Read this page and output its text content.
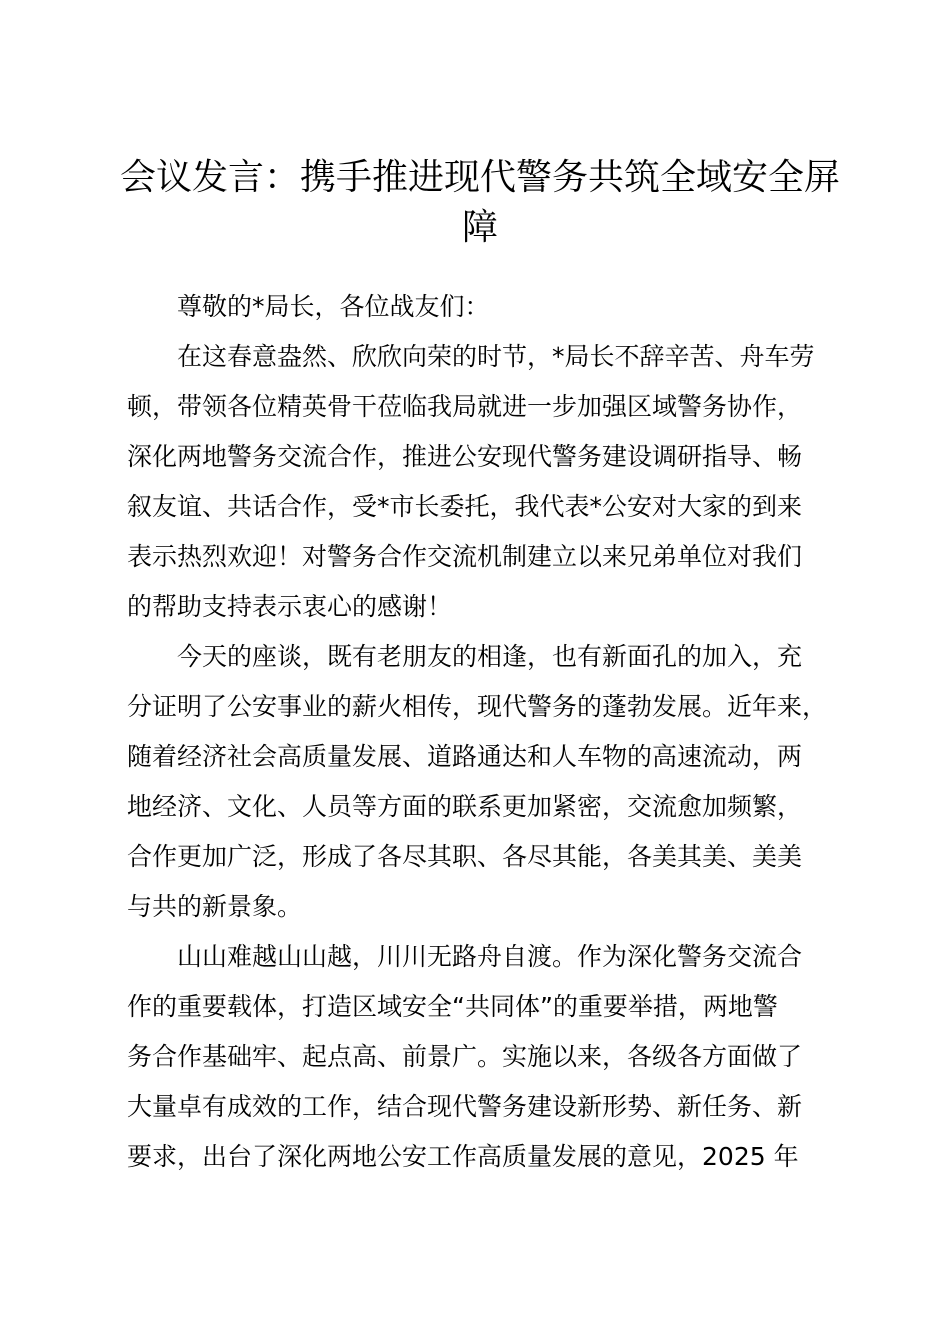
会议发言：携手推进现代警务共筑全域安全屏
障
尊敬的*局长，各位战友们：
在这春意盎然、欣欣向荣的时节，*局长不辞辛苦、舟车劳
顿，带领各位精英骨干莅临我局就进一步加强区域警务协作，
深化两地警务交流合作，推进公安现代警务建设调研指导、畅
叙友谊、共话合作，受*市长委托，我代表*公安对大家的到来
表示热烈欢迎！对警务合作交流机制建立以来兄弟单位对我们
的帮助支持表示衷心的感谢！
今天的座谈，既有老朋友的相逢，也有新面孔的加入，充
分证明了公安事业的薪火相传，现代警务的蓬勃发展。近年来，
随着经济社会高质量发展、道路通达和人车物的高速流动，两
地经济、文化、人员等方面的联系更加紧密，交流愈加频繁，
合作更加广泛，形成了各尽其职、各尽其能，各美其美、美美
与共的新景象。
山山难越山山越，川川无路舟自渡。作为深化警务交流合
作的重要载体，打造区域安全“共同体”的重要举措，两地警
务合作基础牢、起点高、前景广。实施以来，各级各方面做了
大量卓有成效的工作，结合现代警务建设新形势、新任务、新
要求，出台了深化两地公安工作高质量发展的意见，2025 年
